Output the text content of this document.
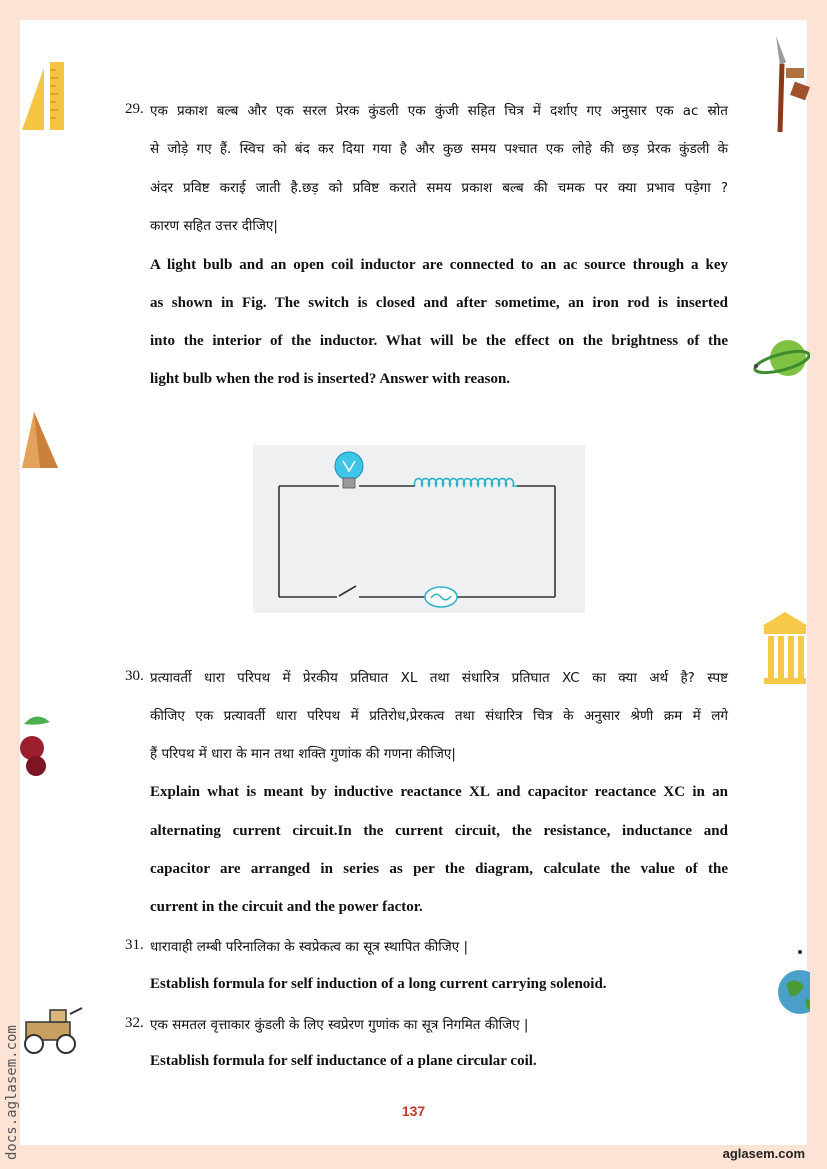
docs.aglasem.com
29. एक प्रकाश बल्ब और एक सरल प्रेरक कुंडली एक कुंजी सहित चित्र में दर्शाए गए अनुसार एक ac स्रोत
से जोड़े गए हैं. स्विच को बंद कर दिया गया है और कुछ समय पश्चात एक लोहे की छड़ प्रेरक कुंडली के
अंदर प्रविष्ट कराई जाती है.छड़ को प्रविष्ट कराते समय प्रकाश बल्ब की चमक पर क्या प्रभाव पड़ेगा ?
कारण सहित उत्तर दीजिए|
A light bulb and an open coil inductor are connected to an ac source through a key
as shown in Fig. The switch is closed and after sometime, an iron rod is inserted
into the interior of the inductor. What will be the effect on the brightness of the
light bulb when the rod is inserted? Answer with reason.
30. प्रत्यावर्ती धारा परिपथ में प्रेरकीय प्रतिघात XL तथा संधारित्र प्रतिघात XC का क्या अर्थ है? स्पष्ट
कीजिए एक प्रत्यावर्ती धारा परिपथ में प्रतिरोध,प्रेरकत्व तथा संधारित्र चित्र के अनुसार श्रेणी क्रम में लगे
हैं परिपथ में धारा के मान तथा शक्ति गुणांक की गणना कीजिए|
Explain what is meant by inductive reactance XL and capacitor reactance XC in an
alternating current circuit.In the current circuit, the resistance, inductance and
capacitor are arranged in series as per the diagram, calculate the value of the
current in the circuit and the power factor.
31. धारावाही लम्बी परिनालिका के स्वप्रेकत्व का सूत्र स्थापित कीजिए |
Establish formula for self induction of a long current carrying solenoid.
32. एक समतल वृत्ताकार कुंडली के लिए स्वप्रेरण गुणांक का सूत्र निगमित कीजिए |
Establish formula for self inductance of a plane circular coil.
137
aglasem.com
